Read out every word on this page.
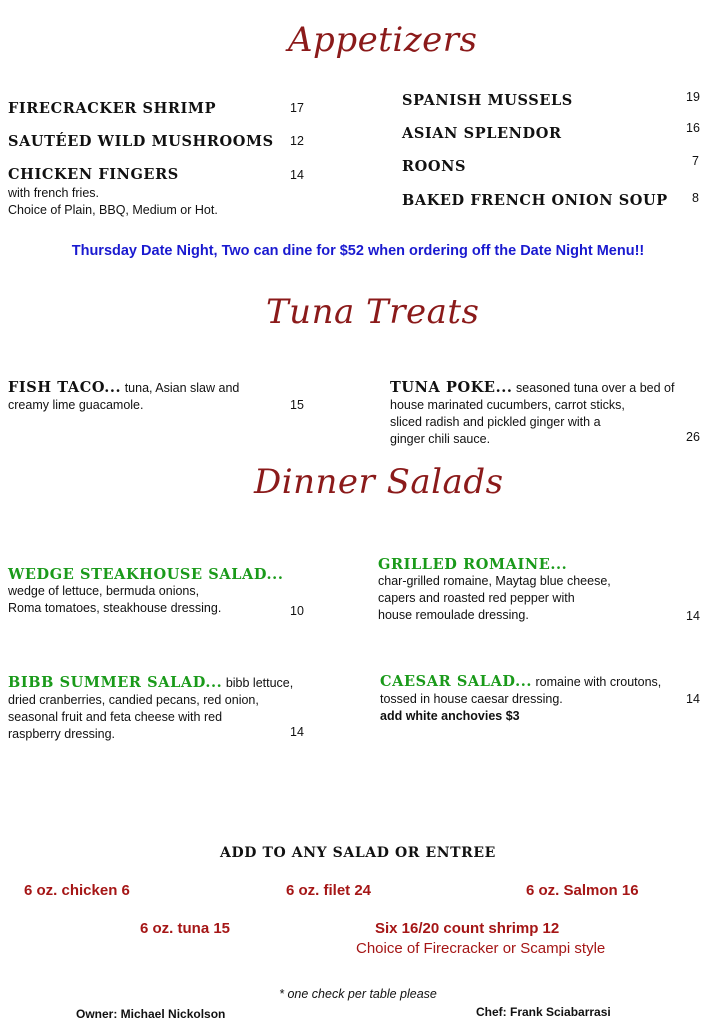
Appetizers
Tuna Treats
Dinner Salads
FIRECRACKER SHRIMP	17
SAUTÉED WILD MUSHROOMS 12
CHICKEN FINGERS	14
with french fries.
Choice of Plain, BBQ, Medium or Hot.
SPANISH MUSSELS	19
ASIAN SPLENDOR	16
ROONS	7
BAKED FRENCH ONION SOUP 8
Thursday Date Night, Two can dine for $52 when ordering off the Date Night Menu!!
FISH TACO... tuna, Asian slaw and
creamy lime guacamole.	15
TUNA POKE... seasoned tuna over a bed of
house marinated cucumbers, carrot sticks,
sliced radish and pickled ginger with a
ginger chili sauce.	26
WEDGE STEAKHOUSE SALAD...
wedge of lettuce, bermuda onions,
Roma tomatoes, steakhouse dressing.	10
GRILLED ROMAINE...
char-grilled romaine, Maytag blue cheese,
capers and roasted red pepper with
house remoulade dressing.	14
BIBB SUMMER SALAD... bibb lettuce,
dried cranberries, candied pecans, red onion,
seasonal fruit and feta cheese with red
raspberry dressing.	14
CAESAR SALAD... romaine with croutons,
tossed in house caesar dressing.
add white anchovies $3
14
ADD TO ANY SALAD OR ENTREE
6 oz. chicken 6	6 oz. filet 24	6 oz. Salmon 16
6 oz. tuna 15	Six 16/20 count shrimp 12
Choice of Firecracker or Scampi style
* one check per table please
Owner: Michael Nickolson	Chef: Frank Sciabarrasi
